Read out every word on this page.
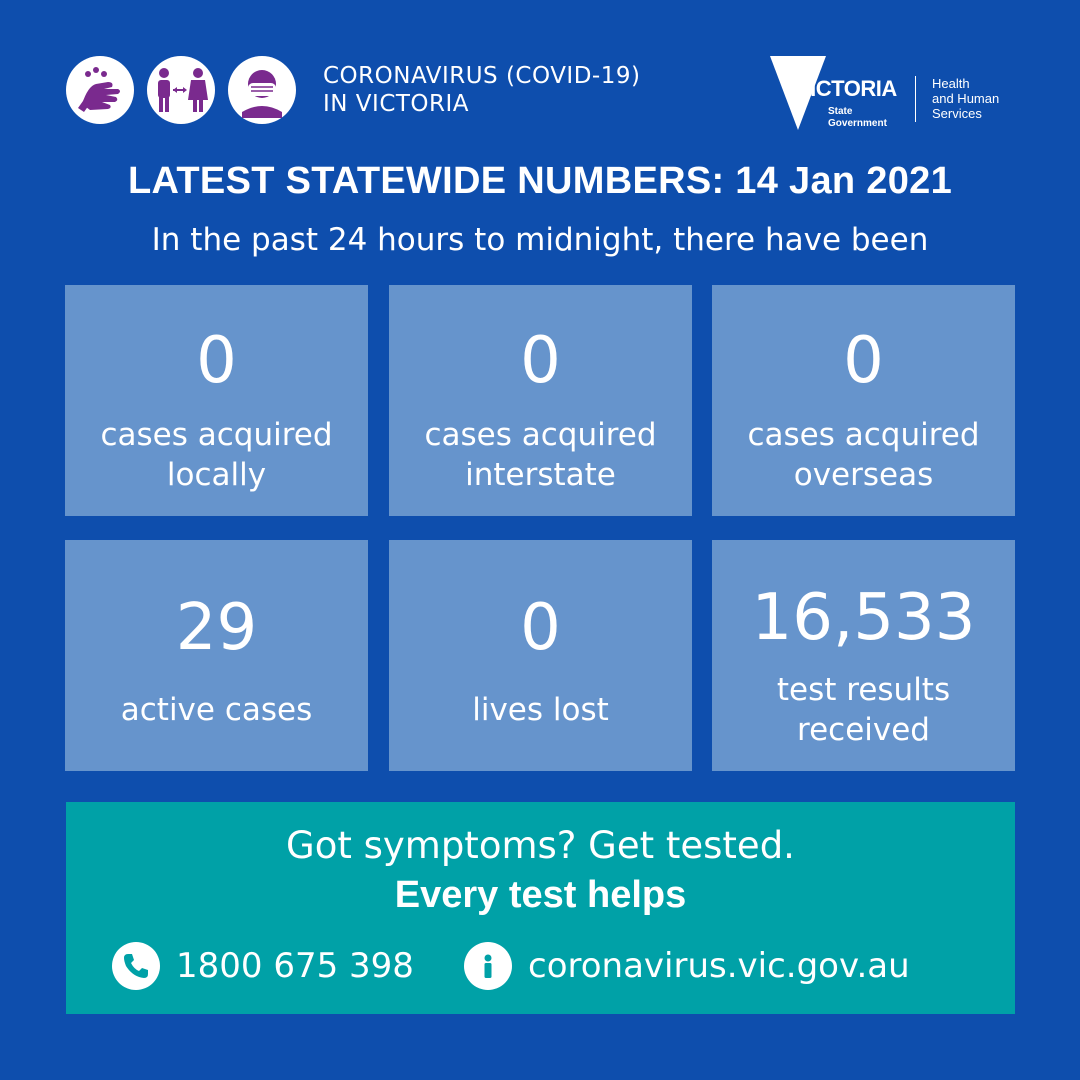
CORONAVIRUS (COVID-19)
IN VICTORIA
VICTORIA
State
Government
Health
and Human
Services
LATEST STATEWIDE NUMBERS: 14 Jan 2021
In the past 24 hours to midnight, there have been
0
cases acquired
locally
0
cases acquired
interstate
0
cases acquired
overseas
29
active cases
0
lives lost
16,533
test results
received
Got symptoms? Get tested.
Every test helps
1800 675 398	coronavirus.vic.gov.au
